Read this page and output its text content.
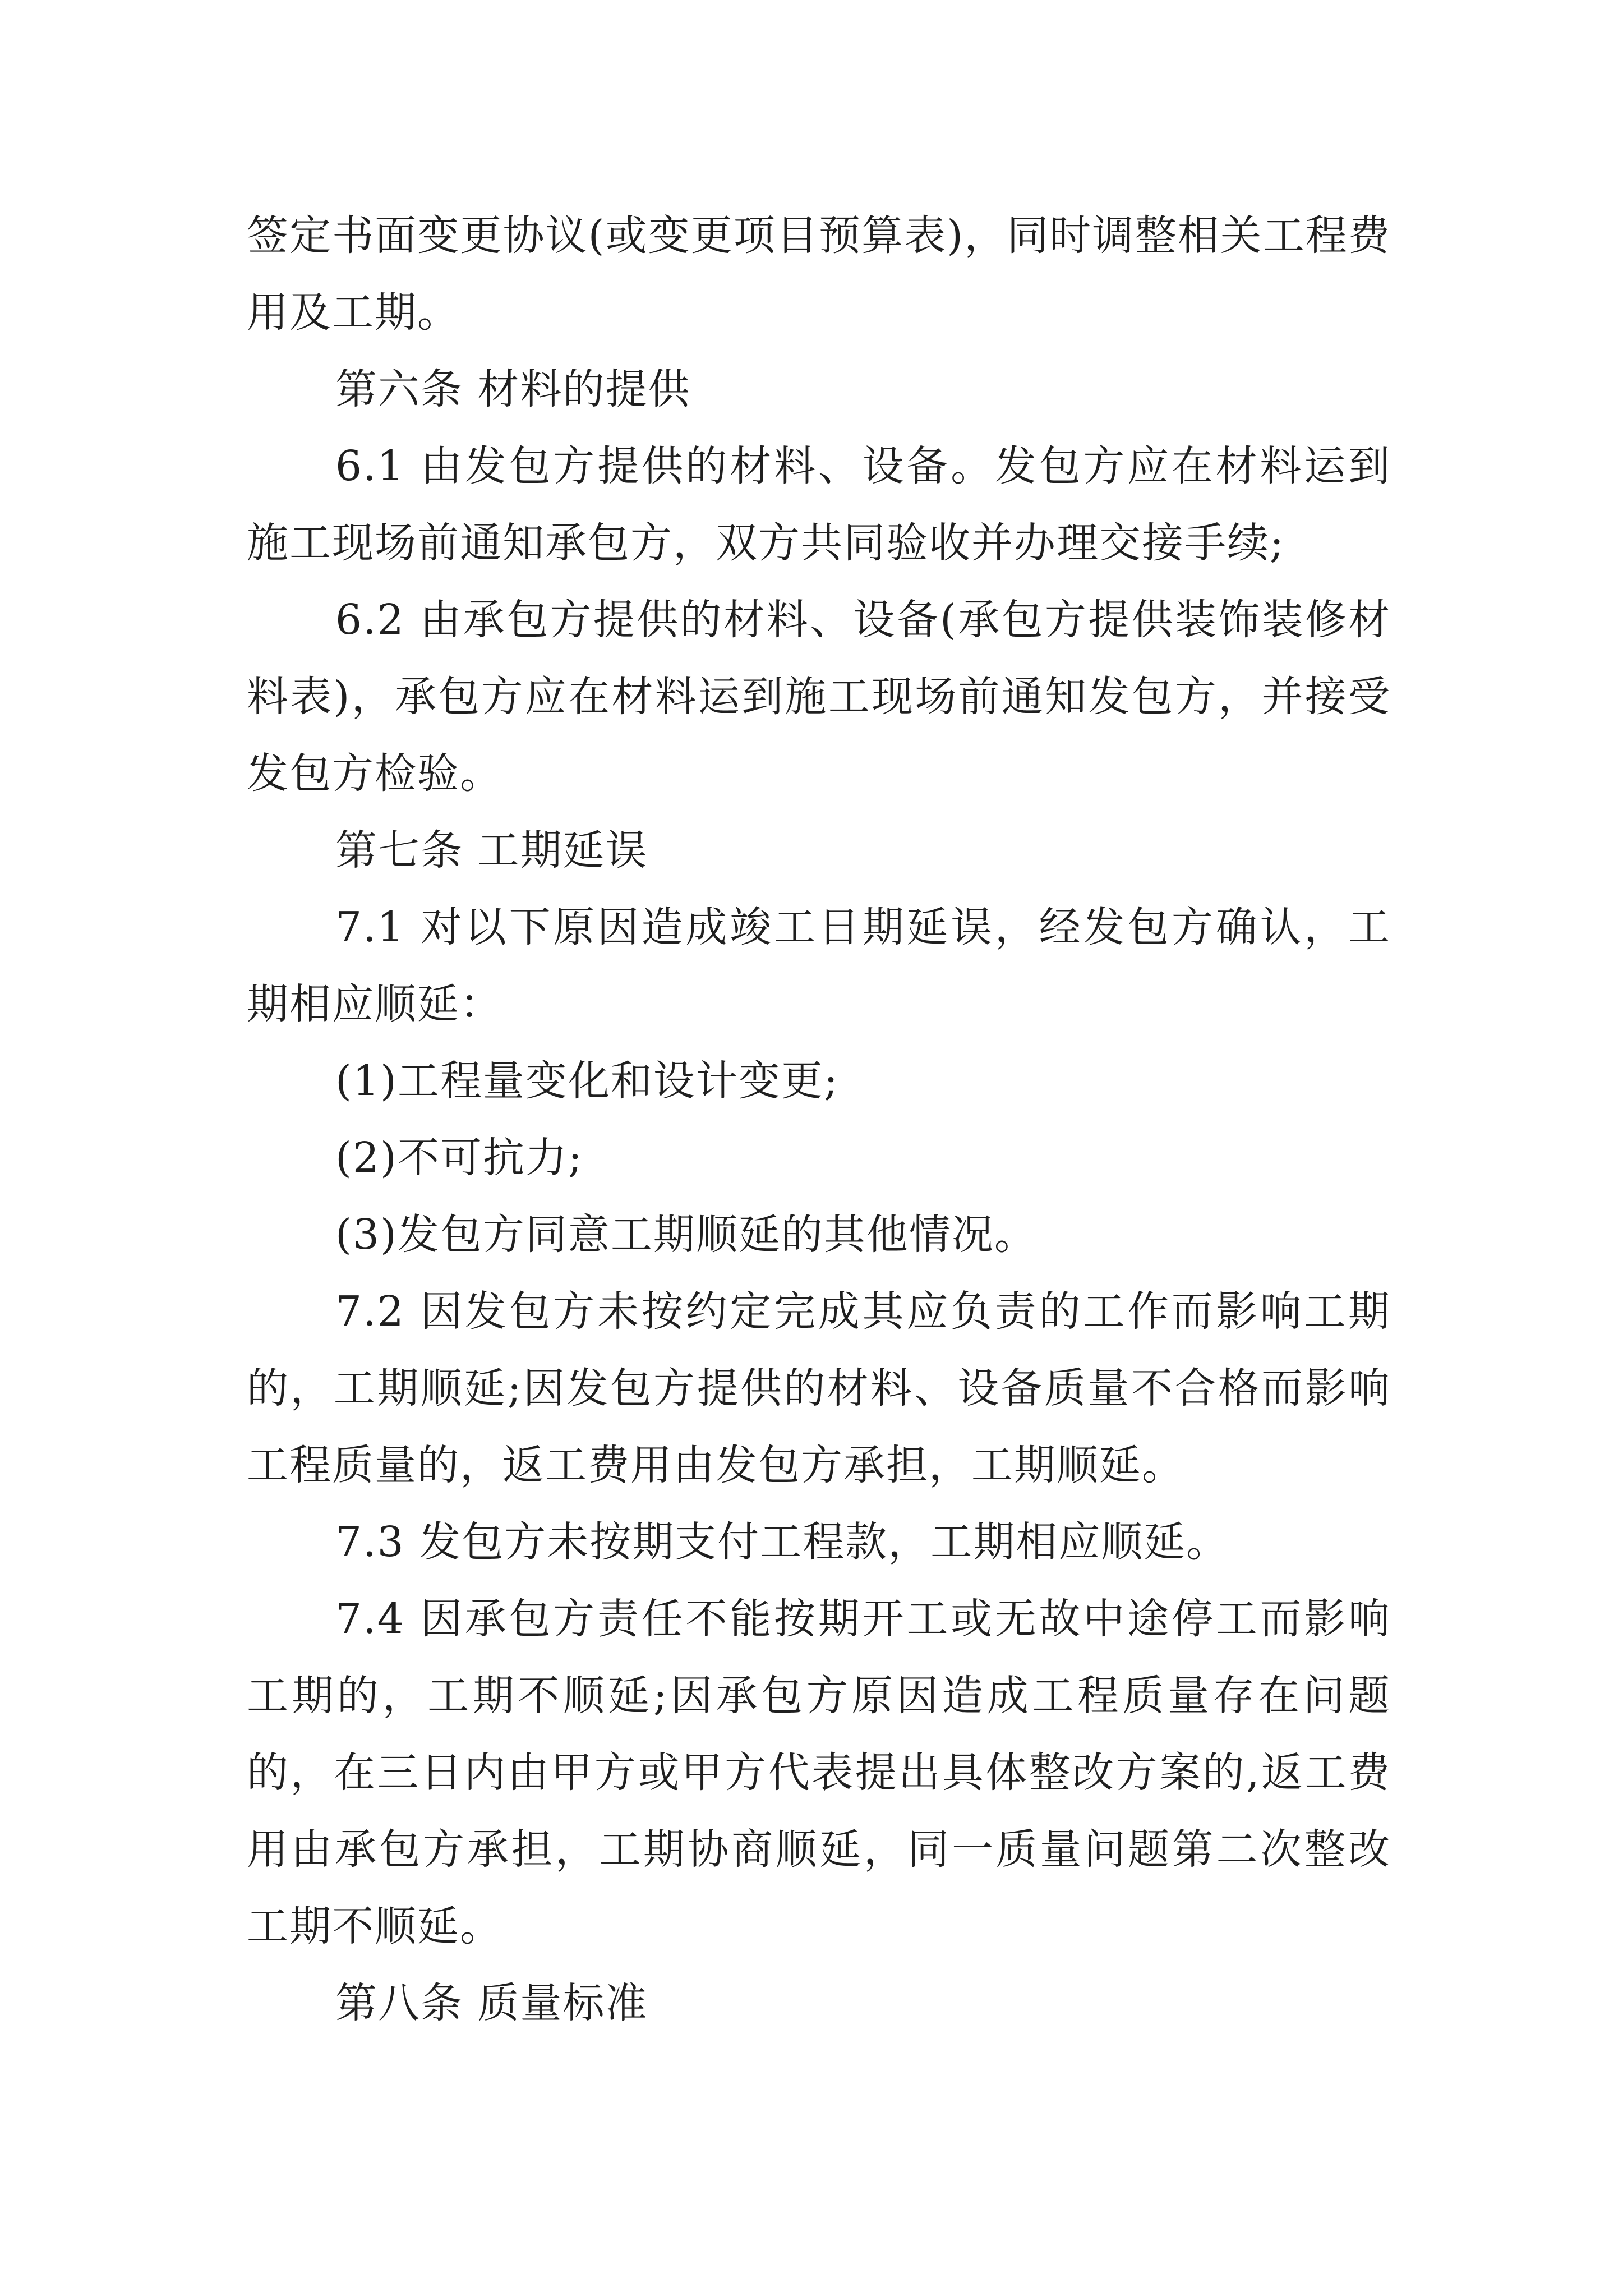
签定书面变更协议(或变更项目预算表)，同时调整相关工程费用及工期。

第六条 材料的提供

6.1 由发包方提供的材料、设备。发包方应在材料运到施工现场前通知承包方，双方共同验收并办理交接手续;

6.2 由承包方提供的材料、设备(承包方提供装饰装修材料表)，承包方应在材料运到施工现场前通知发包方，并接受发包方检验。

第七条 工期延误

7.1 对以下原因造成竣工日期延误，经发包方确认，工期相应顺延：

(1)工程量变化和设计变更;

(2)不可抗力;

(3)发包方同意工期顺延的其他情况。

7.2 因发包方未按约定完成其应负责的工作而影响工期的，工期顺延;因发包方提供的材料、设备质量不合格而影响工程质量的，返工费用由发包方承担，工期顺延。

7.3 发包方未按期支付工程款，工期相应顺延。

7.4 因承包方责任不能按期开工或无故中途停工而影响工期的，工期不顺延;因承包方原因造成工程质量存在问题的，在三日内由甲方或甲方代表提出具体整改方案的,返工费用由承包方承担，工期协商顺延，同一质量问题第二次整改工期不顺延。

第八条 质量标准
